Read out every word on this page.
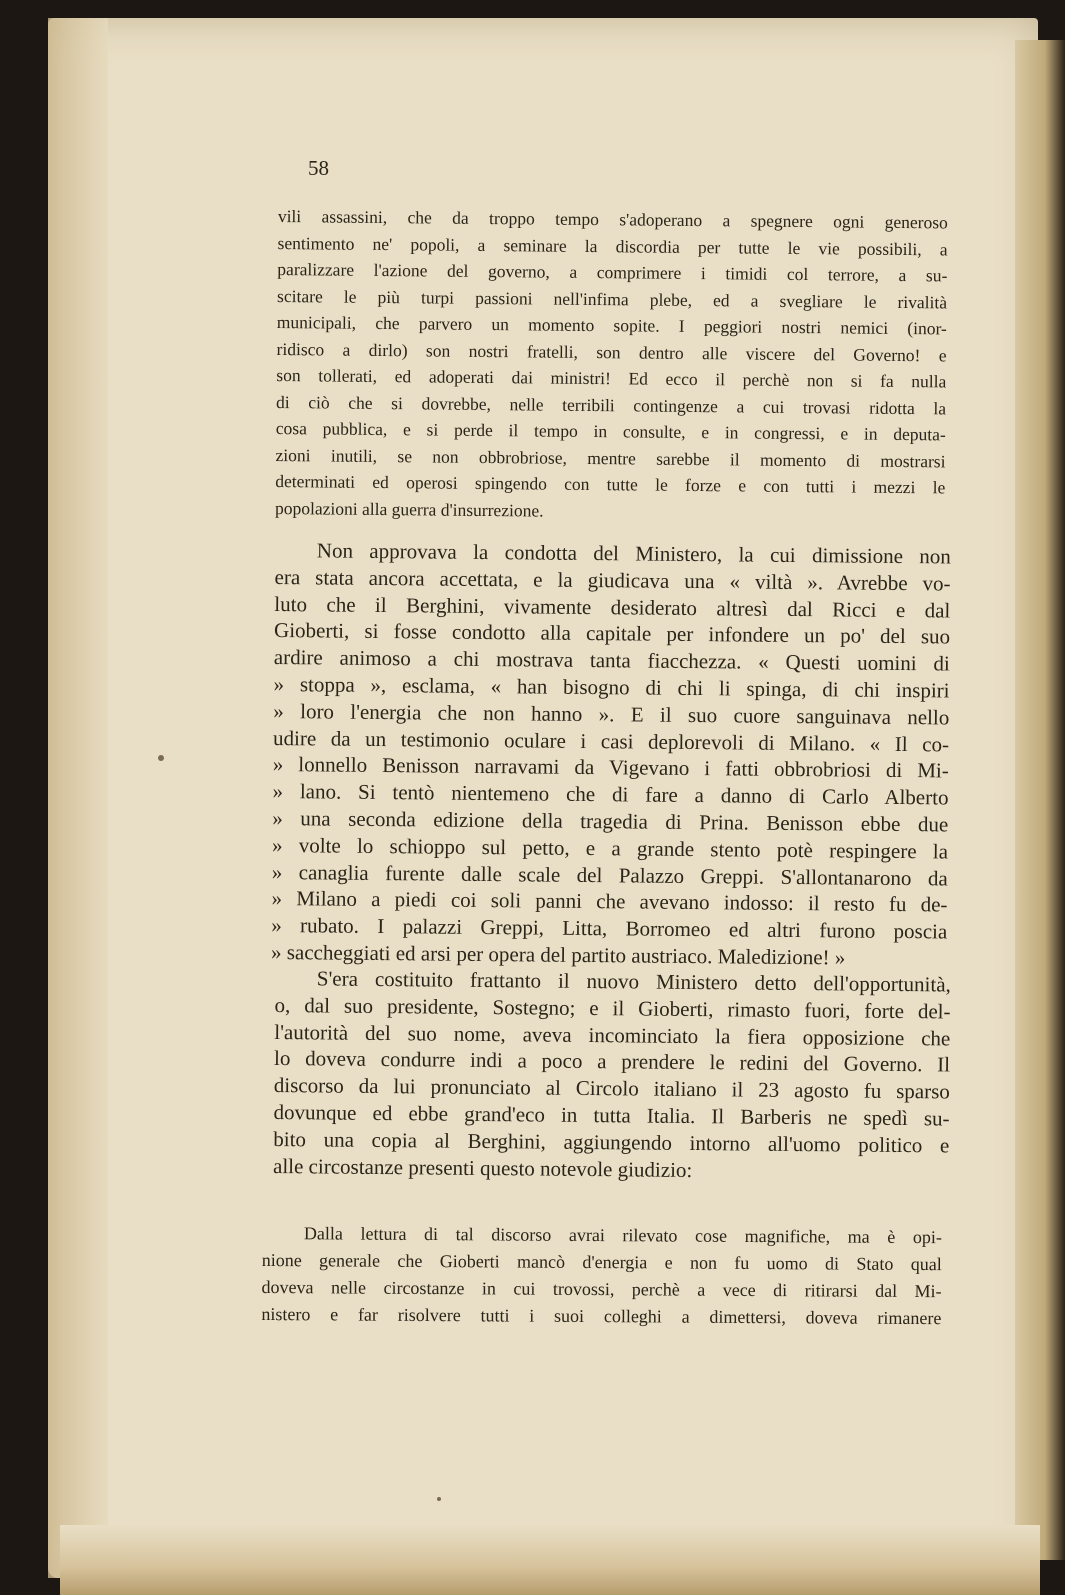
58
vili assassini, che da troppo tempo s'adoperano a spegnere ogni generoso
sentimento ne' popoli, a seminare la discordia per tutte le vie possibili, a
paralizzare l'azione del governo, a comprimere i timidi col terrore, a su-
scitare le più turpi passioni nell'infima plebe, ed a svegliare le rivalità
municipali, che parvero un momento sopite. I peggiori nostri nemici (inor-
ridisco a dirlo) son nostri fratelli, son dentro alle viscere del Governo! e
son tollerati, ed adoperati dai ministri! Ed ecco il perchè non si fa nulla
di ciò che si dovrebbe, nelle terribili contingenze a cui trovasi ridotta la
cosa pubblica, e si perde il tempo in consulte, e in congressi, e in deputa-
zioni inutili, se non obbrobriose, mentre sarebbe il momento di mostrarsi
determinati ed operosi spingendo con tutte le forze e con tutti i mezzi le
popolazioni alla guerra d'insurrezione.
Non approvava la condotta del Ministero, la cui dimissione non
era stata ancora accettata, e la giudicava una « viltà ». Avrebbe vo-
luto che il Berghini, vivamente desiderato altresì dal Ricci e dal
Gioberti, si fosse condotto alla capitale per infondere un po' del suo
ardire animoso a chi mostrava tanta fiacchezza. « Questi uomini di
» stoppa », esclama, « han bisogno di chi li spinga, di chi inspiri
» loro l'energia che non hanno ». E il suo cuore sanguinava nello
udire da un testimonio oculare i casi deplorevoli di Milano. « Il co-
» lonnello Benisson narravami da Vigevano i fatti obbrobriosi di Mi-
» lano. Si tentò nientemeno che di fare a danno di Carlo Alberto
» una seconda edizione della tragedia di Prina. Benisson ebbe due
» volte lo schioppo sul petto, e a grande stento potè respingere la
» canaglia furente dalle scale del Palazzo Greppi. S'allontanarono da
» Milano a piedi coi soli panni che avevano indosso: il resto fu de-
» rubato. I palazzi Greppi, Litta, Borromeo ed altri furono poscia
» saccheggiati ed arsi per opera del partito austriaco. Maledizione! »
S'era costituito frattanto il nuovo Ministero detto dell'opportunità,
o, dal suo presidente, Sostegno; e il Gioberti, rimasto fuori, forte del-
l'autorità del suo nome, aveva incominciato la fiera opposizione che
lo doveva condurre indi a poco a prendere le redini del Governo. Il
discorso da lui pronunciato al Circolo italiano il 23 agosto fu sparso
dovunque ed ebbe grand'eco in tutta Italia. Il Barberis ne spedì su-
bito una copia al Berghini, aggiungendo intorno all'uomo politico e
alle circostanze presenti questo notevole giudizio:
Dalla lettura di tal discorso avrai rilevato cose magnifiche, ma è opi-
nione generale che Gioberti mancò d'energia e non fu uomo di Stato qual
doveva nelle circostanze in cui trovossi, perchè a vece di ritirarsi dal Mi-
nistero e far risolvere tutti i suoi colleghi a dimettersi, doveva rimanere
